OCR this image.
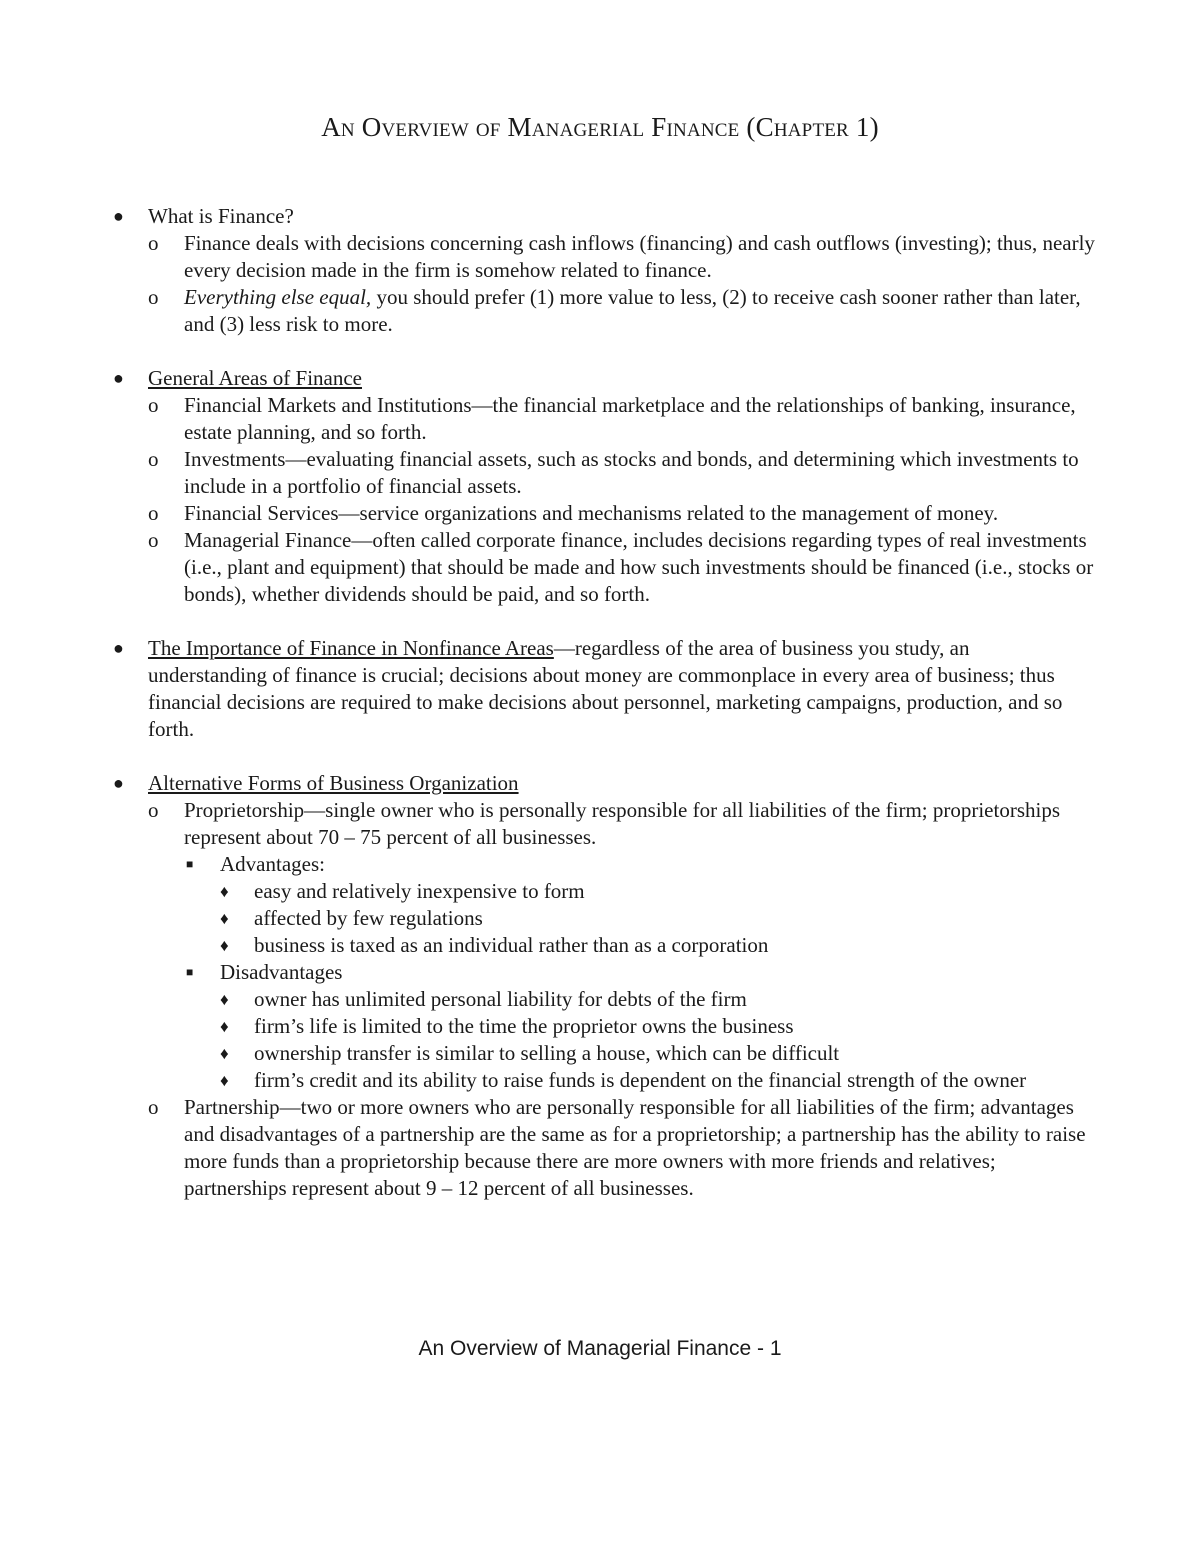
An Overview of Managerial Finance (Chapter 1)
● What is Finance?
o Finance deals with decisions concerning cash inflows (financing) and cash outflows (investing); thus, nearly every decision made in the firm is somehow related to finance.
o Everything else equal, you should prefer (1) more value to less, (2) to receive cash sooner rather than later, and (3) less risk to more.
● General Areas of Finance
o Financial Markets and Institutions—the financial marketplace and the relationships of banking, insurance, estate planning, and so forth.
o Investments—evaluating financial assets, such as stocks and bonds, and determining which investments to include in a portfolio of financial assets.
o Financial Services—service organizations and mechanisms related to the management of money.
o Managerial Finance—often called corporate finance, includes decisions regarding types of real investments (i.e., plant and equipment) that should be made and how such investments should be financed (i.e., stocks or bonds), whether dividends should be paid, and so forth.
● The Importance of Finance in Nonfinance Areas—regardless of the area of business you study, an understanding of finance is crucial; decisions about money are commonplace in every area of business; thus financial decisions are required to make decisions about personnel, marketing campaigns, production, and so forth.
● Alternative Forms of Business Organization
o Proprietorship—single owner who is personally responsible for all liabilities of the firm; proprietorships represent about 70 – 75 percent of all businesses.
■ Advantages:
♦ easy and relatively inexpensive to form
♦ affected by few regulations
♦ business is taxed as an individual rather than as a corporation
■ Disadvantages
♦ owner has unlimited personal liability for debts of the firm
♦ firm’s life is limited to the time the proprietor owns the business
♦ ownership transfer is similar to selling a house, which can be difficult
♦ firm’s credit and its ability to raise funds is dependent on the financial strength of the owner
o Partnership—two or more owners who are personally responsible for all liabilities of the firm; advantages and disadvantages of a partnership are the same as for a proprietorship; a partnership has the ability to raise more funds than a proprietorship because there are more owners with more friends and relatives; partnerships represent about 9 – 12 percent of all businesses.
An Overview of Managerial Finance - 1
